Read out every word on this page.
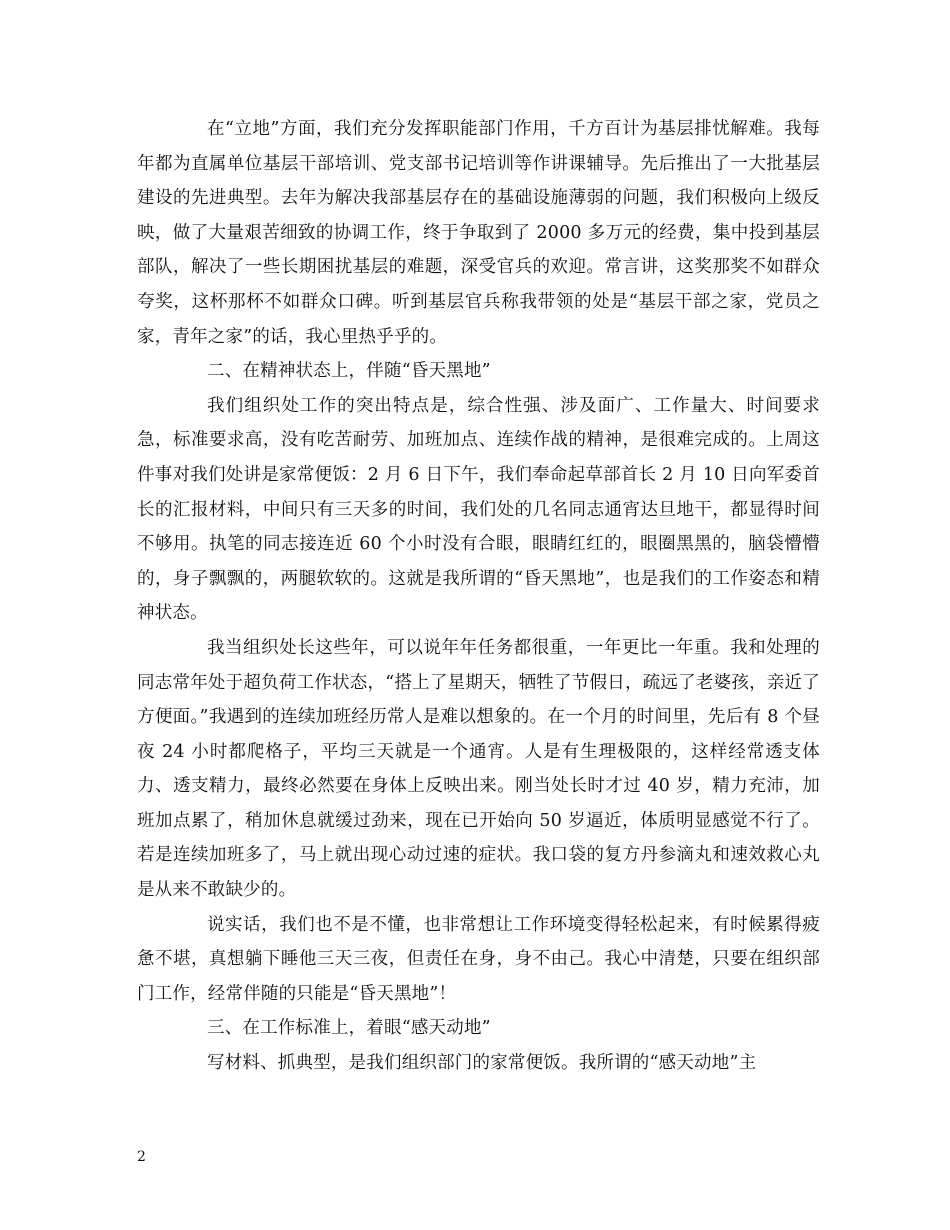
在“立地”方面，我们充分发挥职能部门作用，千方百计为基层排忧解难。我每年都为直属单位基层干部培训、党支部书记培训等作讲课辅导。先后推出了一大批基层建设的先进典型。去年为解决我部基层存在的基础设施薄弱的问题，我们积极向上级反映，做了大量艰苦细致的协调工作，终于争取到了 2000 多万元的经费，集中投到基层部队，解决了一些长期困扰基层的难题，深受官兵的欢迎。常言讲，这奖那奖不如群众夸奖，这杯那杯不如群众口碑。听到基层官兵称我带领的处是“基层干部之家，党员之家，青年之家”的话，我心里热乎乎的。

二、在精神状态上，伴随“昏天黑地”

我们组织处工作的突出特点是，综合性强、涉及面广、工作量大、时间要求急，标准要求高，没有吃苦耐劳、加班加点、连续作战的精神，是很难完成的。上周这件事对我们处讲是家常便饭：2 月 6 日下午，我们奉命起草部首长 2 月 10 日向军委首长的汇报材料，中间只有三天多的时间，我们处的几名同志通宵达旦地干，都显得时间不够用。执笔的同志接连近 60 个小时没有合眼，眼睛红红的，眼圈黑黑的，脑袋懵懵的，身子飘飘的，两腿软软的。这就是我所谓的“昏天黑地”，也是我们的工作姿态和精神状态。

我当组织处长这些年，可以说年年任务都很重，一年更比一年重。我和处理的同志常年处于超负荷工作状态，“搭上了星期天，牺牲了节假日，疏远了老婆孩，亲近了方便面。”我遇到的连续加班经历常人是难以想象的。在一个月的时间里，先后有 8 个昼夜 24 小时都爬格子，平均三天就是一个通宵。人是有生理极限的，这样经常透支体力、透支精力，最终必然要在身体上反映出来。刚当处长时才过 40 岁，精力充沛，加班加点累了，稍加休息就缓过劲来，现在已开始向 50 岁逼近，体质明显感觉不行了。若是连续加班多了，马上就出现心动过速的症状。我口袋的复方丹参滴丸和速效救心丸是从来不敢缺少的。

说实话，我们也不是不懂，也非常想让工作环境变得轻松起来，有时候累得疲惫不堪，真想躺下睡他三天三夜，但责任在身，身不由己。我心中清楚，只要在组织部门工作，经常伴随的只能是“昏天黑地”！

三、在工作标准上，着眼“感天动地”

写材料、抓典型，是我们组织部门的家常便饭。我所谓的“感天动地”主

2
